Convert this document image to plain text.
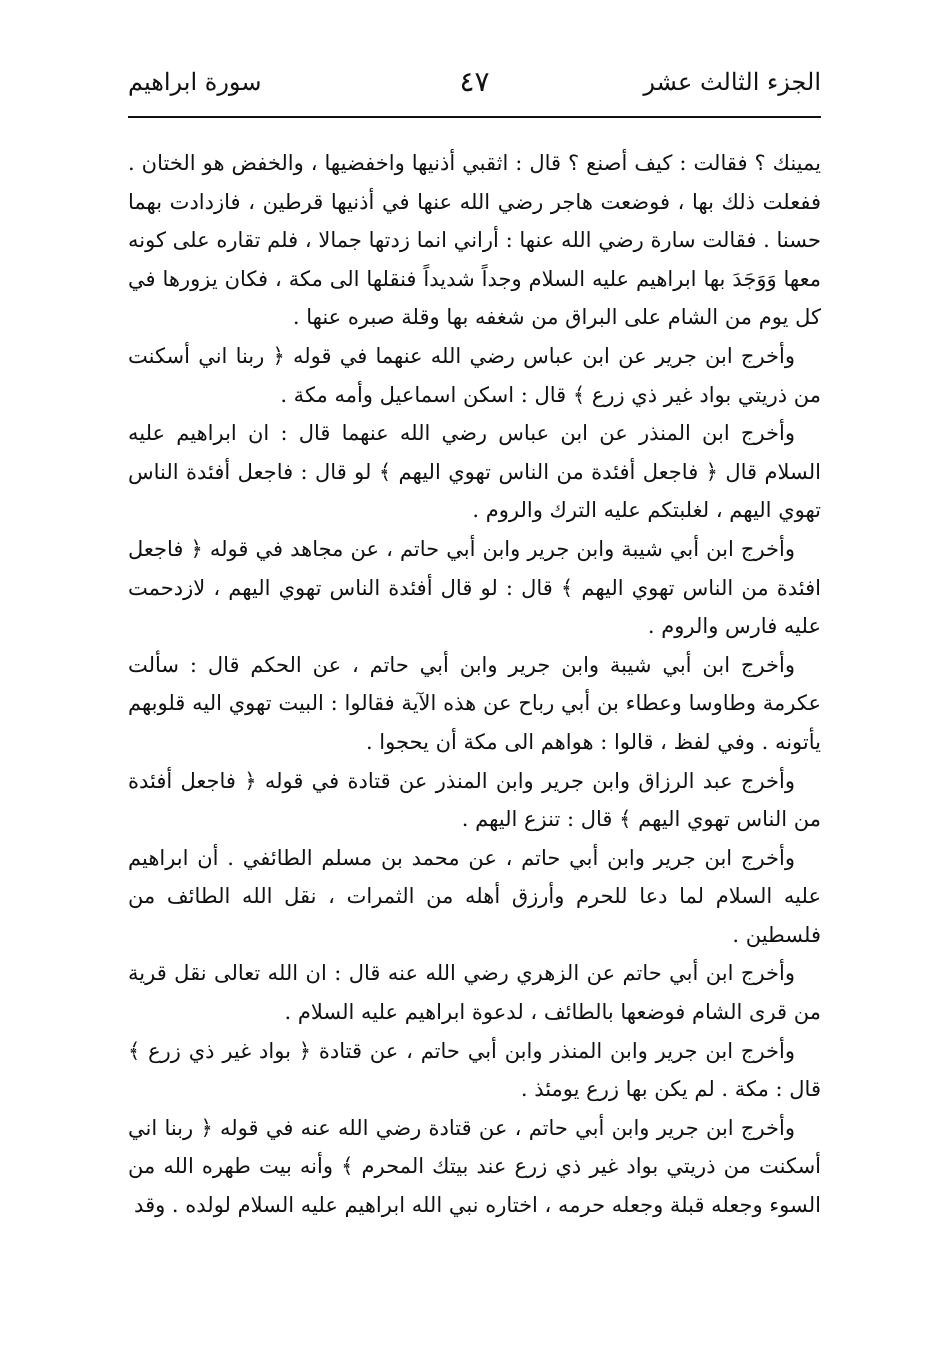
الجزء الثالث عشر
٤٧
سورة ابراهيم

يمينك ؟ فقالت : كيف أصنع ؟ قال : اثقبي أذنيها واخفضيها ، والخفض هو الختان . ففعلت ذلك بها ، فوضعت هاجر رضي الله عنها في أذنيها قرطين ، فازدادت بهما حسنا . فقالت سارة رضي الله عنها : أراني انما زدتها جمالا ، فلم تقاره على كونه معها وَوَجَدَ بها ابراهيم عليه السلام وجداً شديداً فنقلها الى مكة ، فكان يزورها في كل يوم من الشام على البراق من شغفه بها وقلة صبره عنها .

وأخرج ابن جرير عن ابن عباس رضي الله عنهما في قوله ﴿ ربنا اني أسكنت من ذريتي بواد غير ذي زرع ﴾ قال : اسكن اسماعيل وأمه مكة .

وأخرج ابن المنذر عن ابن عباس رضي الله عنهما قال : ان ابراهيم عليه السلام قال ﴿ فاجعل أفئدة من الناس تهوي اليهم ﴾ لو قال : فاجعل أفئدة الناس تهوي اليهم ، لغلبتكم عليه الترك والروم .

وأخرج ابن أبي شيبة وابن جرير وابن أبي حاتم ، عن مجاهد في قوله ﴿ فاجعل افئدة من الناس تهوي اليهم ﴾ قال : لو قال أفئدة الناس تهوي اليهم ، لازدحمت عليه فارس والروم .

وأخرج ابن أبي شيبة وابن جرير وابن أبي حاتم ، عن الحكم قال : سألت عكرمة وطاوسا وعطاء بن أبي رباح عن هذه الآية فقالوا : البيت تهوي اليه قلوبهم يأتونه . وفي لفظ ، قالوا : هواهم الى مكة أن يحجوا .

وأخرج عبد الرزاق وابن جرير وابن المنذر عن قتادة في قوله ﴿ فاجعل أفئدة من الناس تهوي اليهم ﴾ قال : تنزع اليهم .

وأخرج ابن جرير وابن أبي حاتم ، عن محمد بن مسلم الطائفي . أن ابراهيم عليه السلام لما دعا للحرم وأرزق أهله من الثمرات ، نقل الله الطائف من فلسطين .

وأخرج ابن أبي حاتم عن الزهري رضي الله عنه قال : ان الله تعالى نقل قرية من قرى الشام فوضعها بالطائف ، لدعوة ابراهيم عليه السلام .

وأخرج ابن جرير وابن المنذر وابن أبي حاتم ، عن قتادة ﴿ بواد غير ذي زرع ﴾ قال : مكة . لم يكن بها زرع يومئذ .

وأخرج ابن جرير وابن أبي حاتم ، عن قتادة رضي الله عنه في قوله ﴿ ربنا اني أسكنت من ذريتي بواد غير ذي زرع عند بيتك المحرم ﴾ وأنه بيت طهره الله من السوء وجعله قبلة وجعله حرمه ، اختاره نبي الله ابراهيم عليه السلام لولده . وقد
